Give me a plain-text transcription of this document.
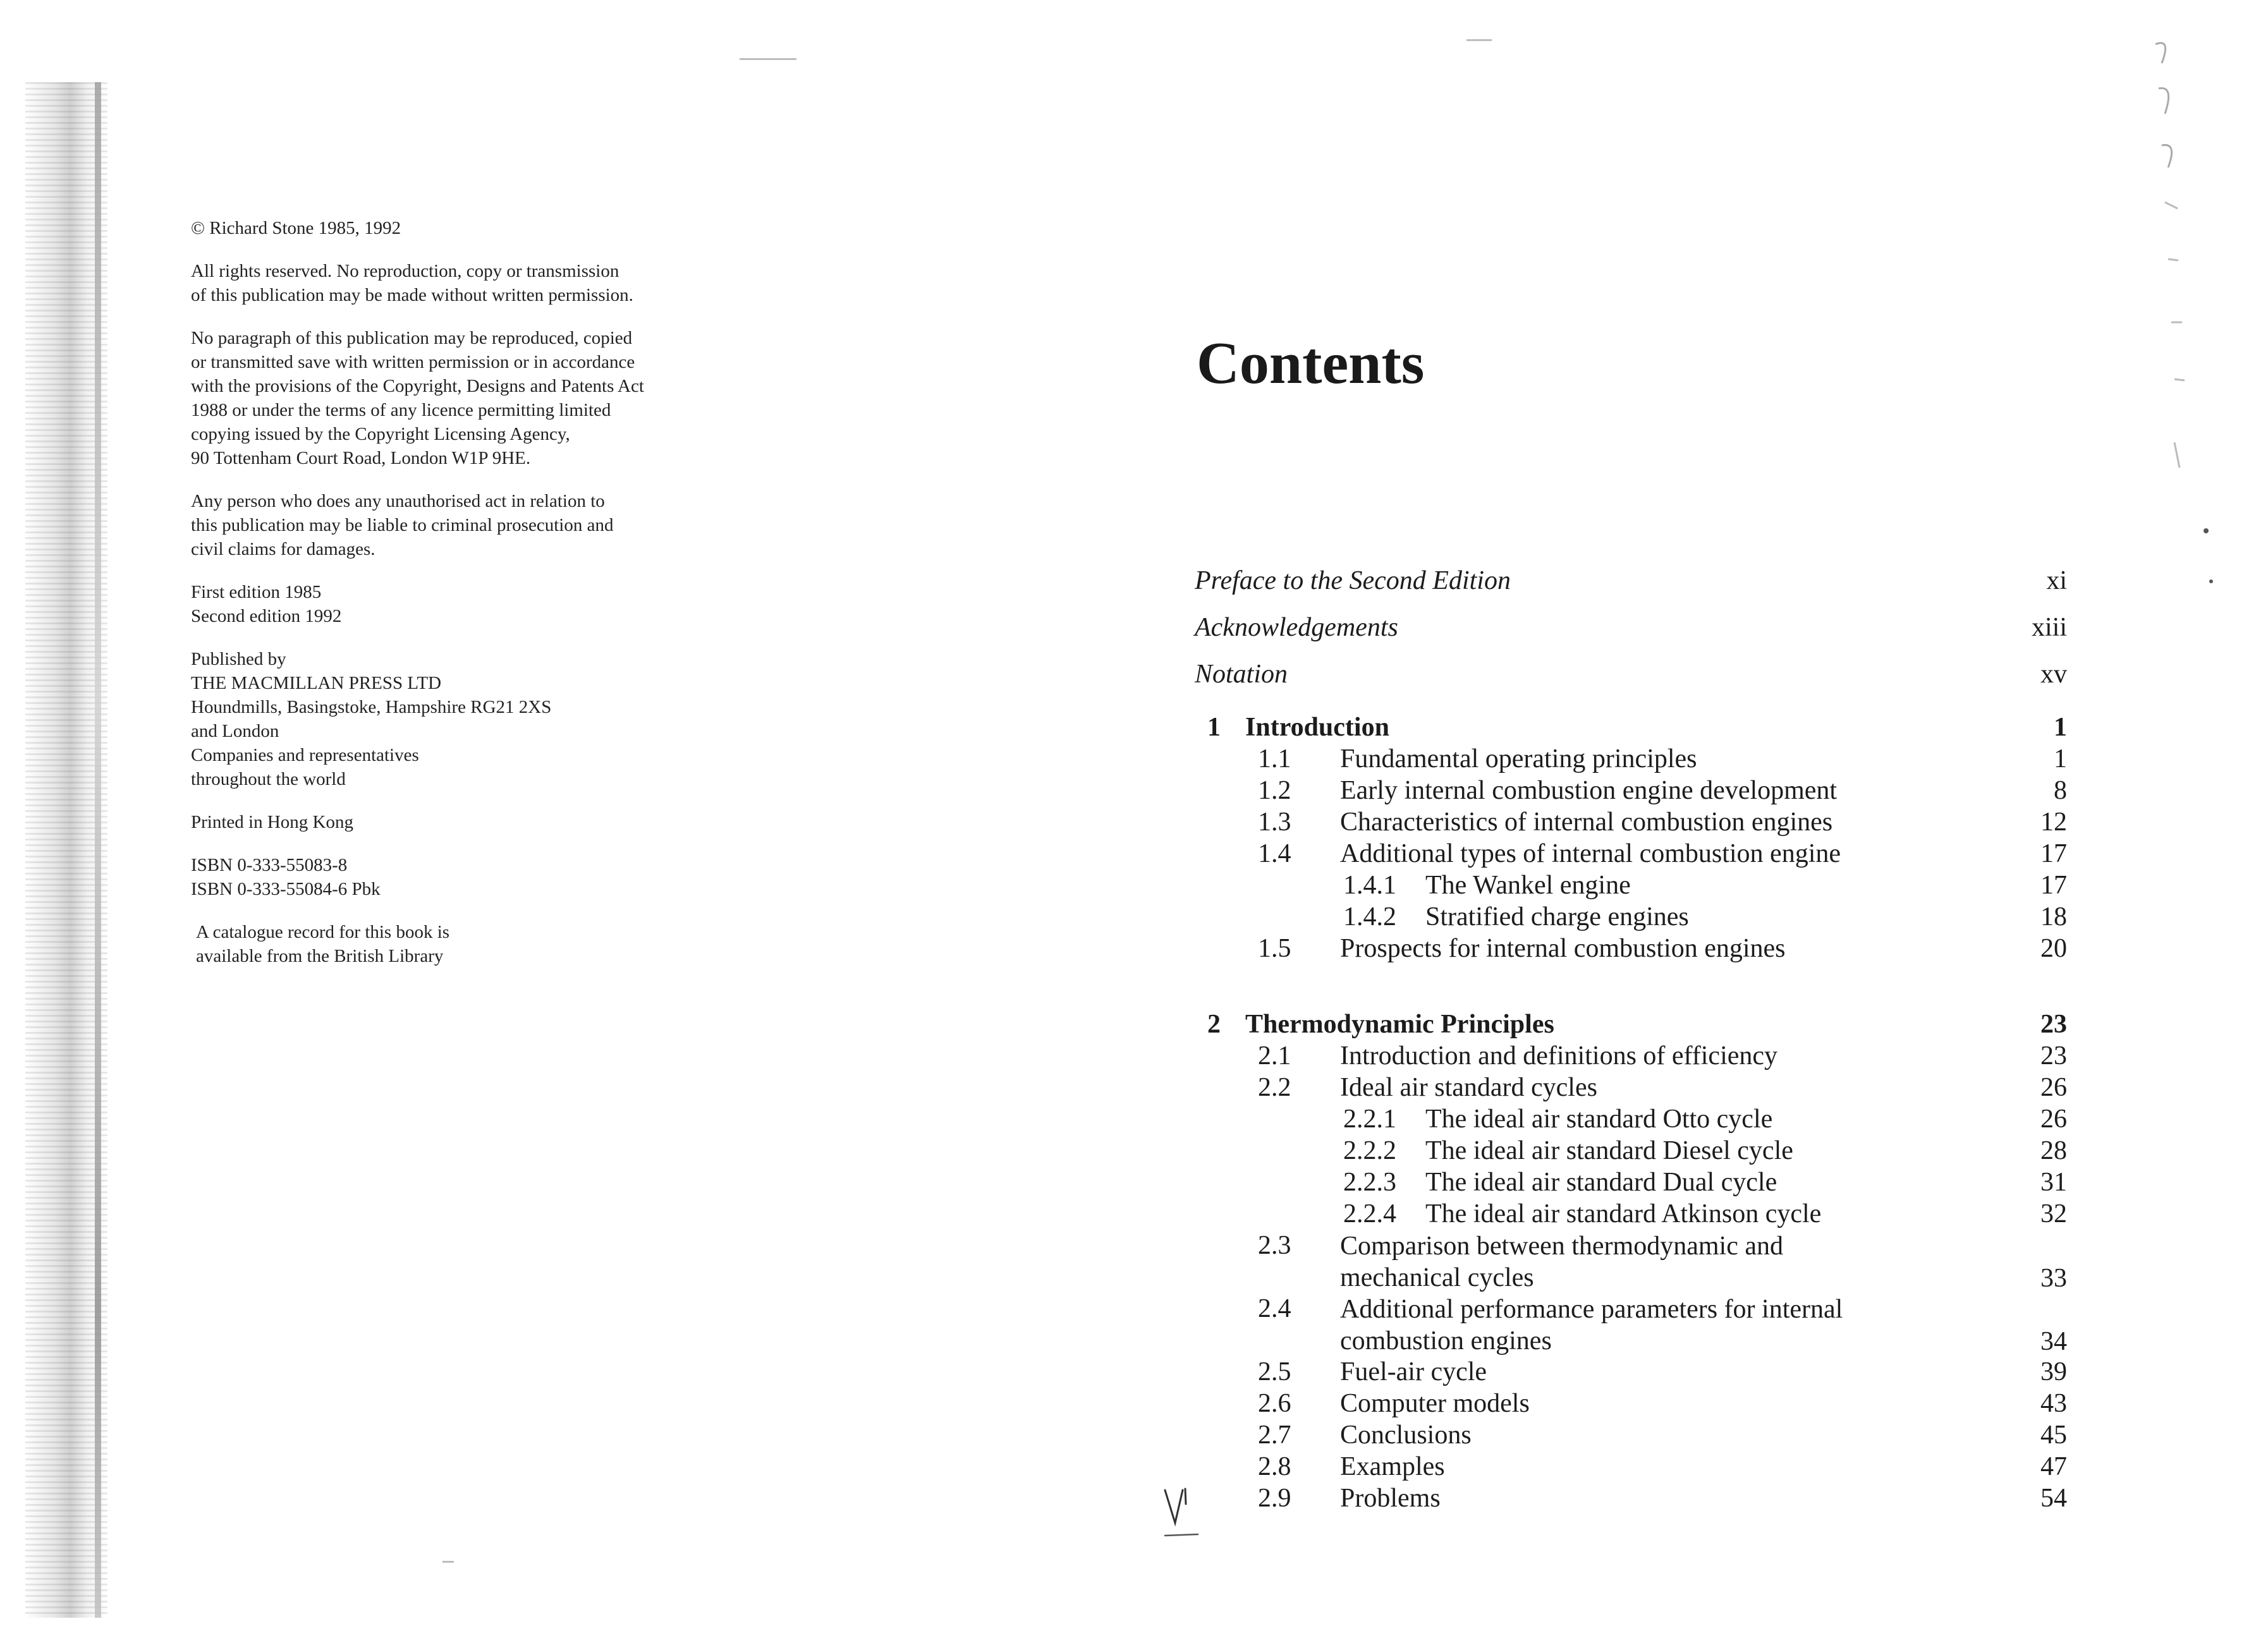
© Richard Stone 1985, 1992

All rights reserved. No reproduction, copy or transmission
of this publication may be made without written permission.

No paragraph of this publication may be reproduced, copied
or transmitted save with written permission or in accordance
with the provisions of the Copyright, Designs and Patents Act
1988 or under the terms of any licence permitting limited
copying issued by the Copyright Licensing Agency,
90 Tottenham Court Road, London W1P 9HE.

Any person who does any unauthorised act in relation to
this publication may be liable to criminal prosecution and
civil claims for damages.

First edition 1985
Second edition 1992

Published by
THE MACMILLAN PRESS LTD
Houndmills, Basingstoke, Hampshire RG21 2XS
and London
Companies and representatives
throughout the world

Printed in Hong Kong

ISBN 0-333-55083-8
ISBN 0-333-55084-6 Pbk

A catalogue record for this book is
available from the British Library

Contents
Preface to the Second Edition	xi
Acknowledgements	xiii
Notation	xv
1 Introduction	1
1.1	Fundamental operating principles	1
1.2	Early internal combustion engine development	8
1.3	Characteristics of internal combustion engines	12
1.4	Additional types of internal combustion engine	17
1.4.1	The Wankel engine	17
1.4.2	Stratified charge engines	18
1.5	Prospects for internal combustion engines	20
2 Thermodynamic Principles	23
2.1	Introduction and definitions of efficiency	23
2.2	Ideal air standard cycles	26
2.2.1	The ideal air standard Otto cycle	26
2.2.2	The ideal air standard Diesel cycle	28
2.2.3	The ideal air standard Dual cycle	31
2.2.4	The ideal air standard Atkinson cycle	32
2.3	Comparison between thermodynamic and mechanical cycles	33
2.4	Additional performance parameters for internal combustion engines	34
2.5	Fuel-air cycle	39
2.6	Computer models	43
2.7	Conclusions	45
2.8	Examples	47
2.9	Problems	54
